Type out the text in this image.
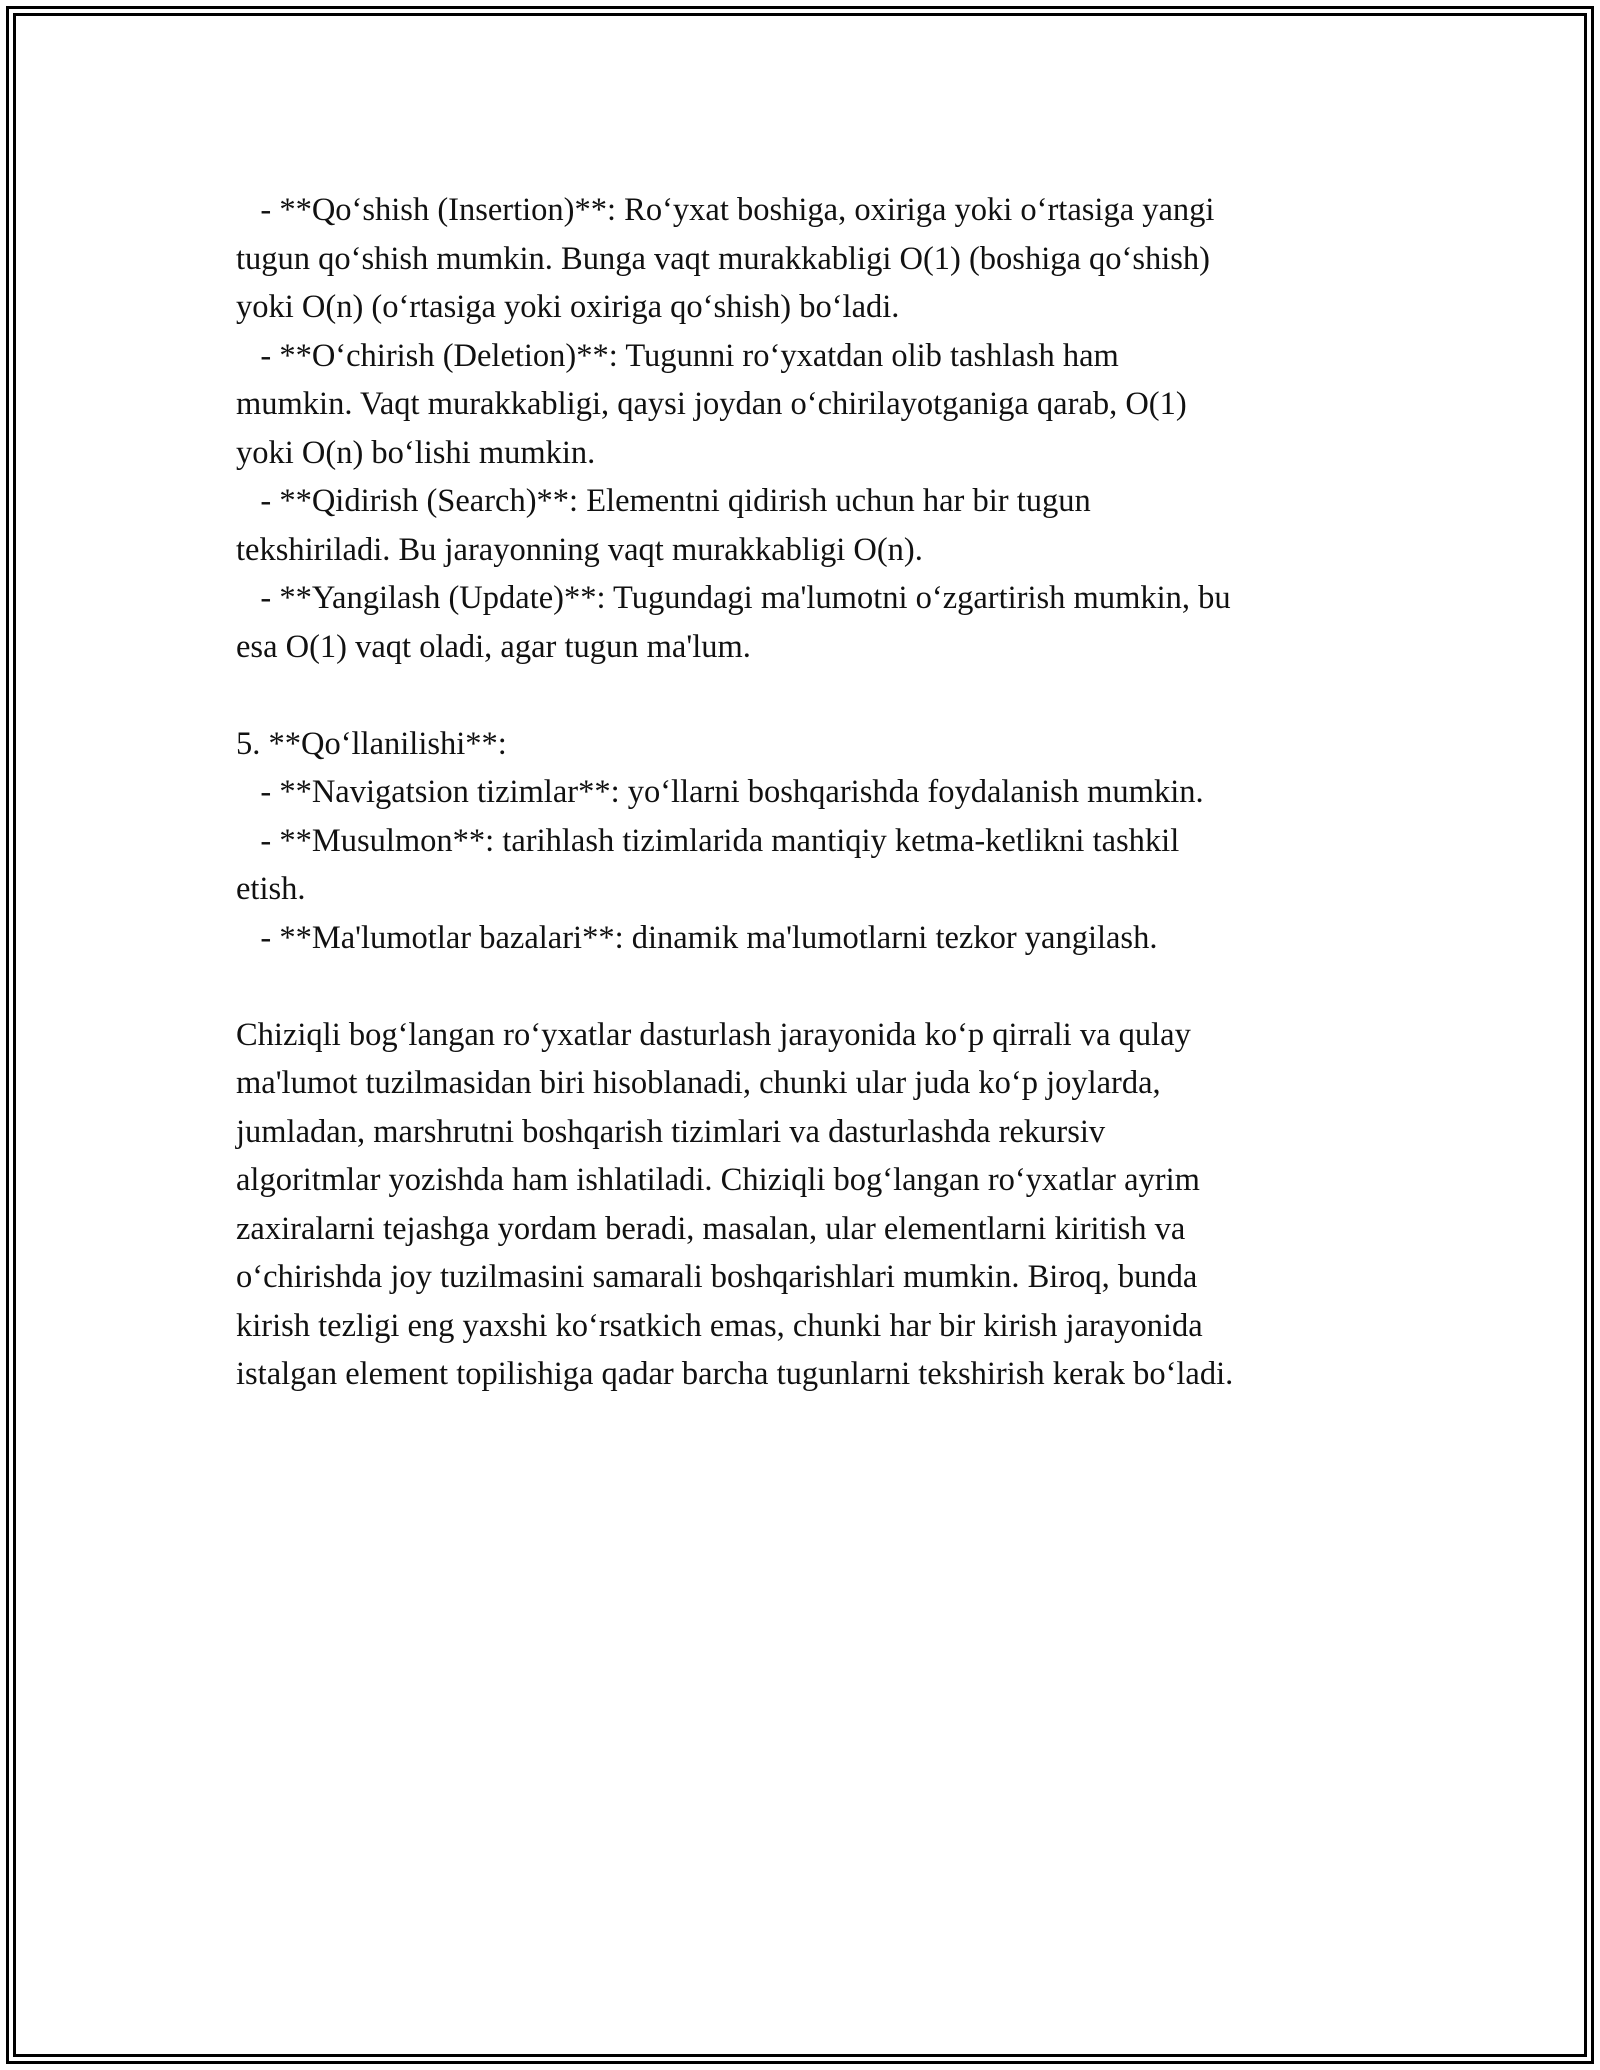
- **Qo‘shish (Insertion)**: Ro‘yxat boshiga, oxiriga yoki o‘rtasiga yangi

tugun qo‘shish mumkin. Bunga vaqt murakkabligi O(1) (boshiga qo‘shish)

yoki O(n) (o‘rtasiga yoki oxiriga qo‘shish) bo‘ladi.

- **O‘chirish (Deletion)**: Tugunni ro‘yxatdan olib tashlash ham

mumkin. Vaqt murakkabligi, qaysi joydan o‘chirilayotganiga qarab, O(1)

yoki O(n) bo‘lishi mumkin.

- **Qidirish (Search)**: Elementni qidirish uchun har bir tugun

tekshiriladi. Bu jarayonning vaqt murakkabligi O(n).

- **Yangilash (Update)**: Tugundagi ma'lumotni o‘zgartirish mumkin, bu

esa O(1) vaqt oladi, agar tugun ma'lum.

5. **Qo‘llanilishi**:

- **Navigatsion tizimlar**: yo‘llarni boshqarishda foydalanish mumkin.

- **Musulmon**: tarihlash tizimlarida mantiqiy ketma-ketlikni tashkil

etish.

- **Ma'lumotlar bazalari**: dinamik ma'lumotlarni tezkor yangilash.

Chiziqli bog‘langan ro‘yxatlar dasturlash jarayonida ko‘p qirrali va qulay

ma'lumot tuzilmasidan biri hisoblanadi, chunki ular juda ko‘p joylarda,

jumladan, marshrutni boshqarish tizimlari va dasturlashda rekursiv

algoritmlar yozishda ham ishlatiladi. Chiziqli bog‘langan ro‘yxatlar ayrim

zaxiralarni tejashga yordam beradi, masalan, ular elementlarni kiritish va

o‘chirishda joy tuzilmasini samarali boshqarishlari mumkin. Biroq, bunda

kirish tezligi eng yaxshi ko‘rsatkich emas, chunki har bir kirish jarayonida

istalgan element topilishiga qadar barcha tugunlarni tekshirish kerak bo‘ladi.
